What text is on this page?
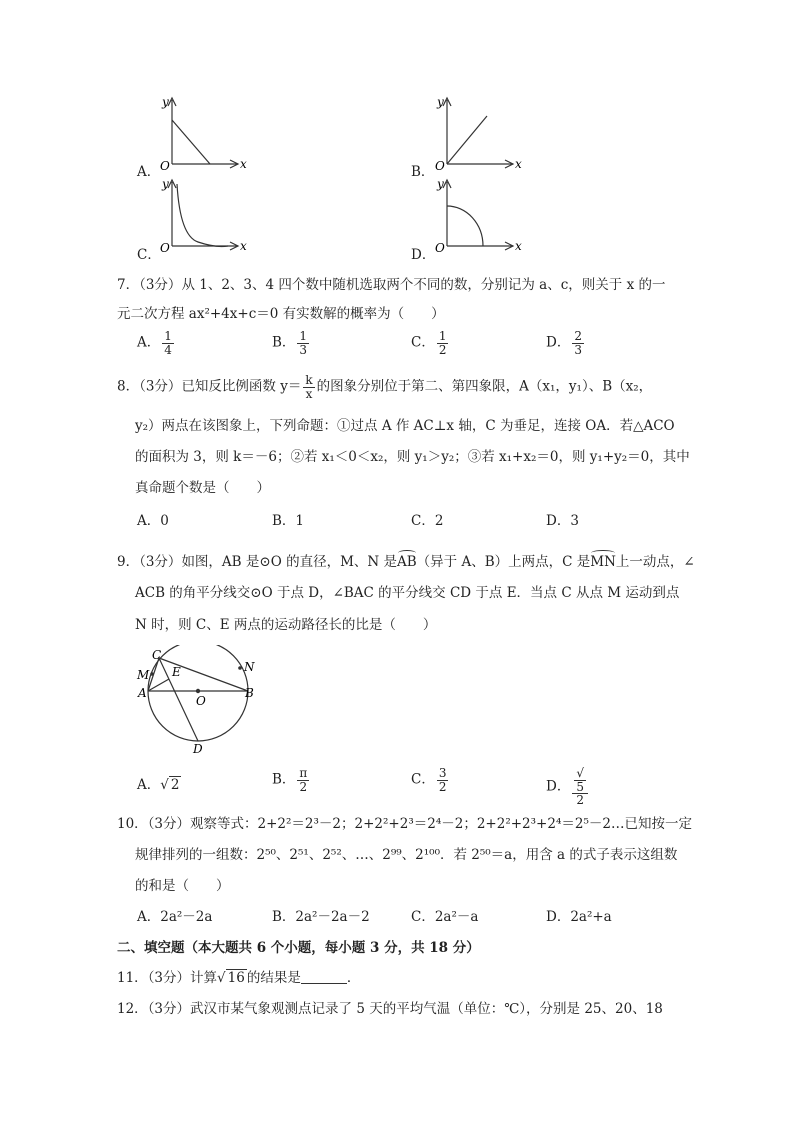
A．
y
x
O	B．
y
x
O
C．
y
x
O	D．
y
x
O
7．（3分）从 1、2、3、4 四个数中随机选取两个不同的数，分别记为 a、c，则关于 x 的一
元二次方程 ax²+4x+c＝0 有实数解的概率为（　　）
A． $\frac{1}{4}$	B． $\frac{1}{3}$	C． $\frac{1}{2}$	D． $\frac{2}{3}$
8．（3分）已知反比例函数 $y= \frac{k}{x}$ 的图象分别位于第二、第四象限，A（x₁，y₁）、B（x₂，
y₂）两点在该图象上，下列命题：①过点 A 作 AC⊥x 轴，C 为垂足，连接 OA．若△ACO
的面积为 3，则 k＝－6；②若 x₁＜0＜x₂，则 y₁＞y₂；③若 x₁+x₂＝0，则 y₁+y₂＝0，其中
真命题个数是（　　）
A．0	B．1	C．2	D．3
9．（3分）如图，AB 是⊙O 的直径，M、N 是AB（异于 A、B）上两点，C 是MN上一动点，∠
ACB 的角平分线交⊙O 于点 D，∠BAC 的平分线交 CD 于点 E．当点 C 从点 M 运动到点
N 时，则 C、E 两点的运动路径长的比是（　　）
C
M E	N
A
O
B
D
A．√ 2	B． $\frac{\pi}{2}$	C． $\frac{3}{2}$	D． √
5
2
10．（3分）观察等式：2+2²＝2³－2；2+2²+2³＝2⁴－2；2+2²+2³+2⁴＝2⁵－2…已知按一定
规律排列的一组数：2⁵⁰、2⁵¹、2⁵²、…、2⁹⁹、2¹⁰⁰．若 2⁵⁰＝a，用含 a 的式子表示这组数
的和是（　　）
A．2a²－2a	B．2a²－2a－2	C．2a²－a	D．2a²+a
二、填空题（本大题共 6 个小题，每小题 3 分，共 18 分）
11．（3分）计算√ 16 的结果是	．
12．（3分）武汉市某气象观测点记录了 5 天的平均气温（单位：℃），分别是 25、20、18
